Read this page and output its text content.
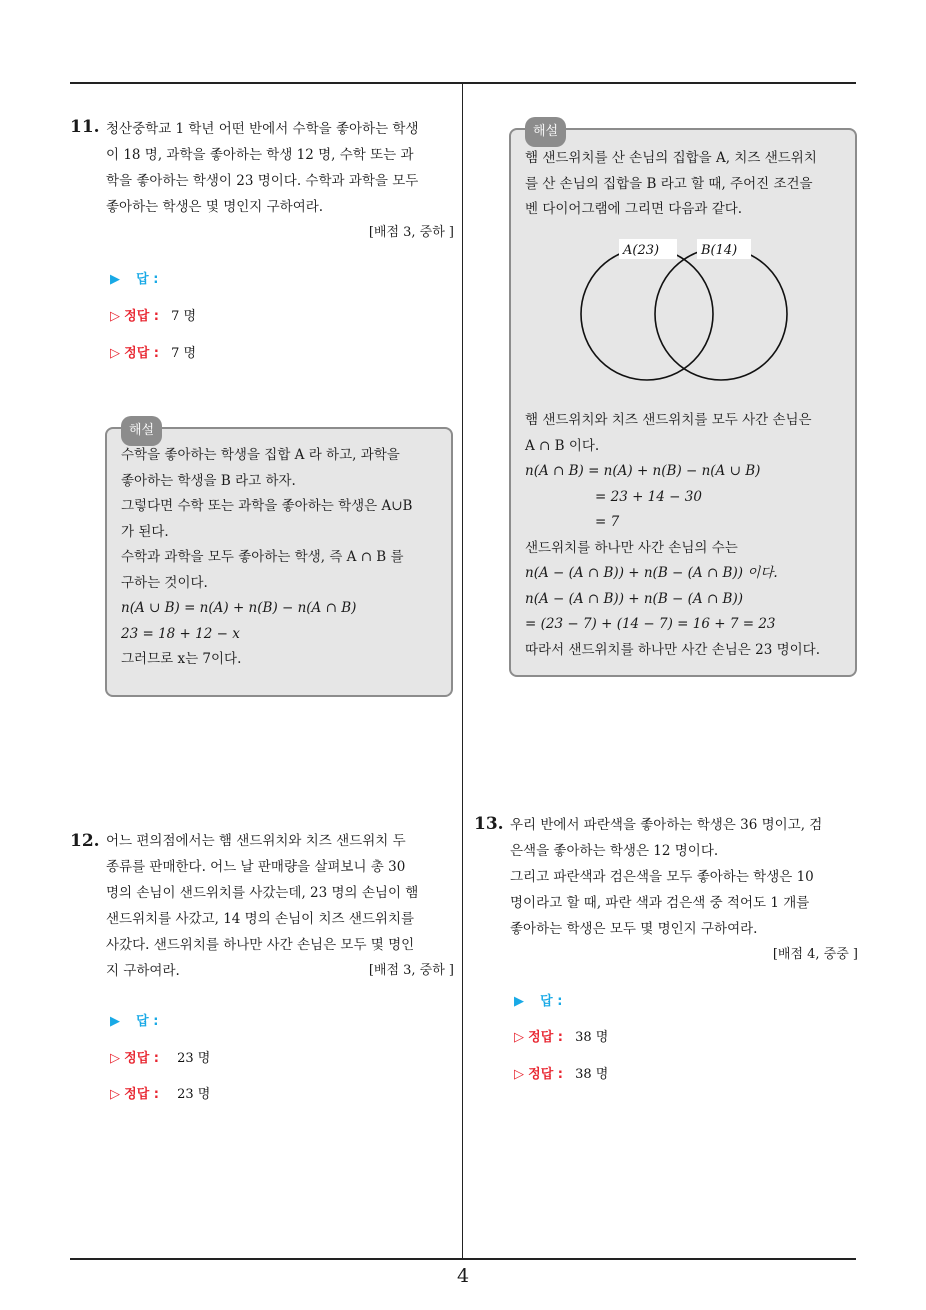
11. 청산중학교 1 학년 어떤 반에서 수학을 좋아하는 학생
이 18 명, 과학을 좋아하는 학생 12 명, 수학 또는 과
학을 좋아하는 학생이 23 명이다. 수학과 과학을 모두
좋아하는 학생은 몇 명인지 구하여라.
[배점 3, 중하 ]
▶ 답 :
▷ 정답 : 7 명
▷ 정답 : 7 명
해설
수학을 좋아하는 학생을 집합 A 라 하고, 과학을
좋아하는 학생을 B 라고 하자.
그렇다면 수학 또는 과학을 좋아하는 학생은 A∪B
가 된다.
수학과 과학을 모두 좋아하는 학생, 즉 A ∩ B 를
구하는 것이다.
n(A ∪ B) = n(A) + n(B) − n(A ∩ B)
23 = 18 + 12 − x
그러므로 x는 7이다.
해설
햄 샌드위치를 산 손님의 집합을 A, 치즈 샌드위치
를 산 손님의 집합을 B 라고 할 때, 주어진 조건을
벤 다이어그램에 그리면 다음과 같다.
A(23)	B(14)
햄 샌드위치와 치즈 샌드위치를 모두 사간 손님은
A ∩ B 이다.
n(A ∩ B) = n(A) + n(B) − n(A ∪ B)
= 23 + 14 − 30
= 7
샌드위치를 하나만 사간 손님의 수는
n(A − (A ∩ B)) + n(B − (A ∩ B)) 이다.
n(A − (A ∩ B)) + n(B − (A ∩ B))
= (23 − 7) + (14 − 7) = 16 + 7 = 23
따라서 샌드위치를 하나만 사간 손님은 23 명이다.
12. 어느 편의점에서는 햄 샌드위치와 치즈 샌드위치 두
종류를 판매한다. 어느 날 판매량을 살펴보니 총 30
명의 손님이 샌드위치를 사갔는데, 23 명의 손님이 햄
샌드위치를 사갔고, 14 명의 손님이 치즈 샌드위치를
사갔다. 샌드위치를 하나만 사간 손님은 모두 몇 명인
지 구하여라.	[배점 3, 중하 ]
▶ 답 :
▷ 정답 : 23 명
▷ 정답 : 23 명
13. 우리 반에서 파란색을 좋아하는 학생은 36 명이고, 검
은색을 좋아하는 학생은 12 명이다.
그리고 파란색과 검은색을 모두 좋아하는 학생은 10
명이라고 할 때, 파란 색과 검은색 중 적어도 1 개를
좋아하는 학생은 모두 몇 명인지 구하여라.
[배점 4, 중중 ]
▶ 답 :
▷ 정답 : 38 명
▷ 정답 : 38 명
4
